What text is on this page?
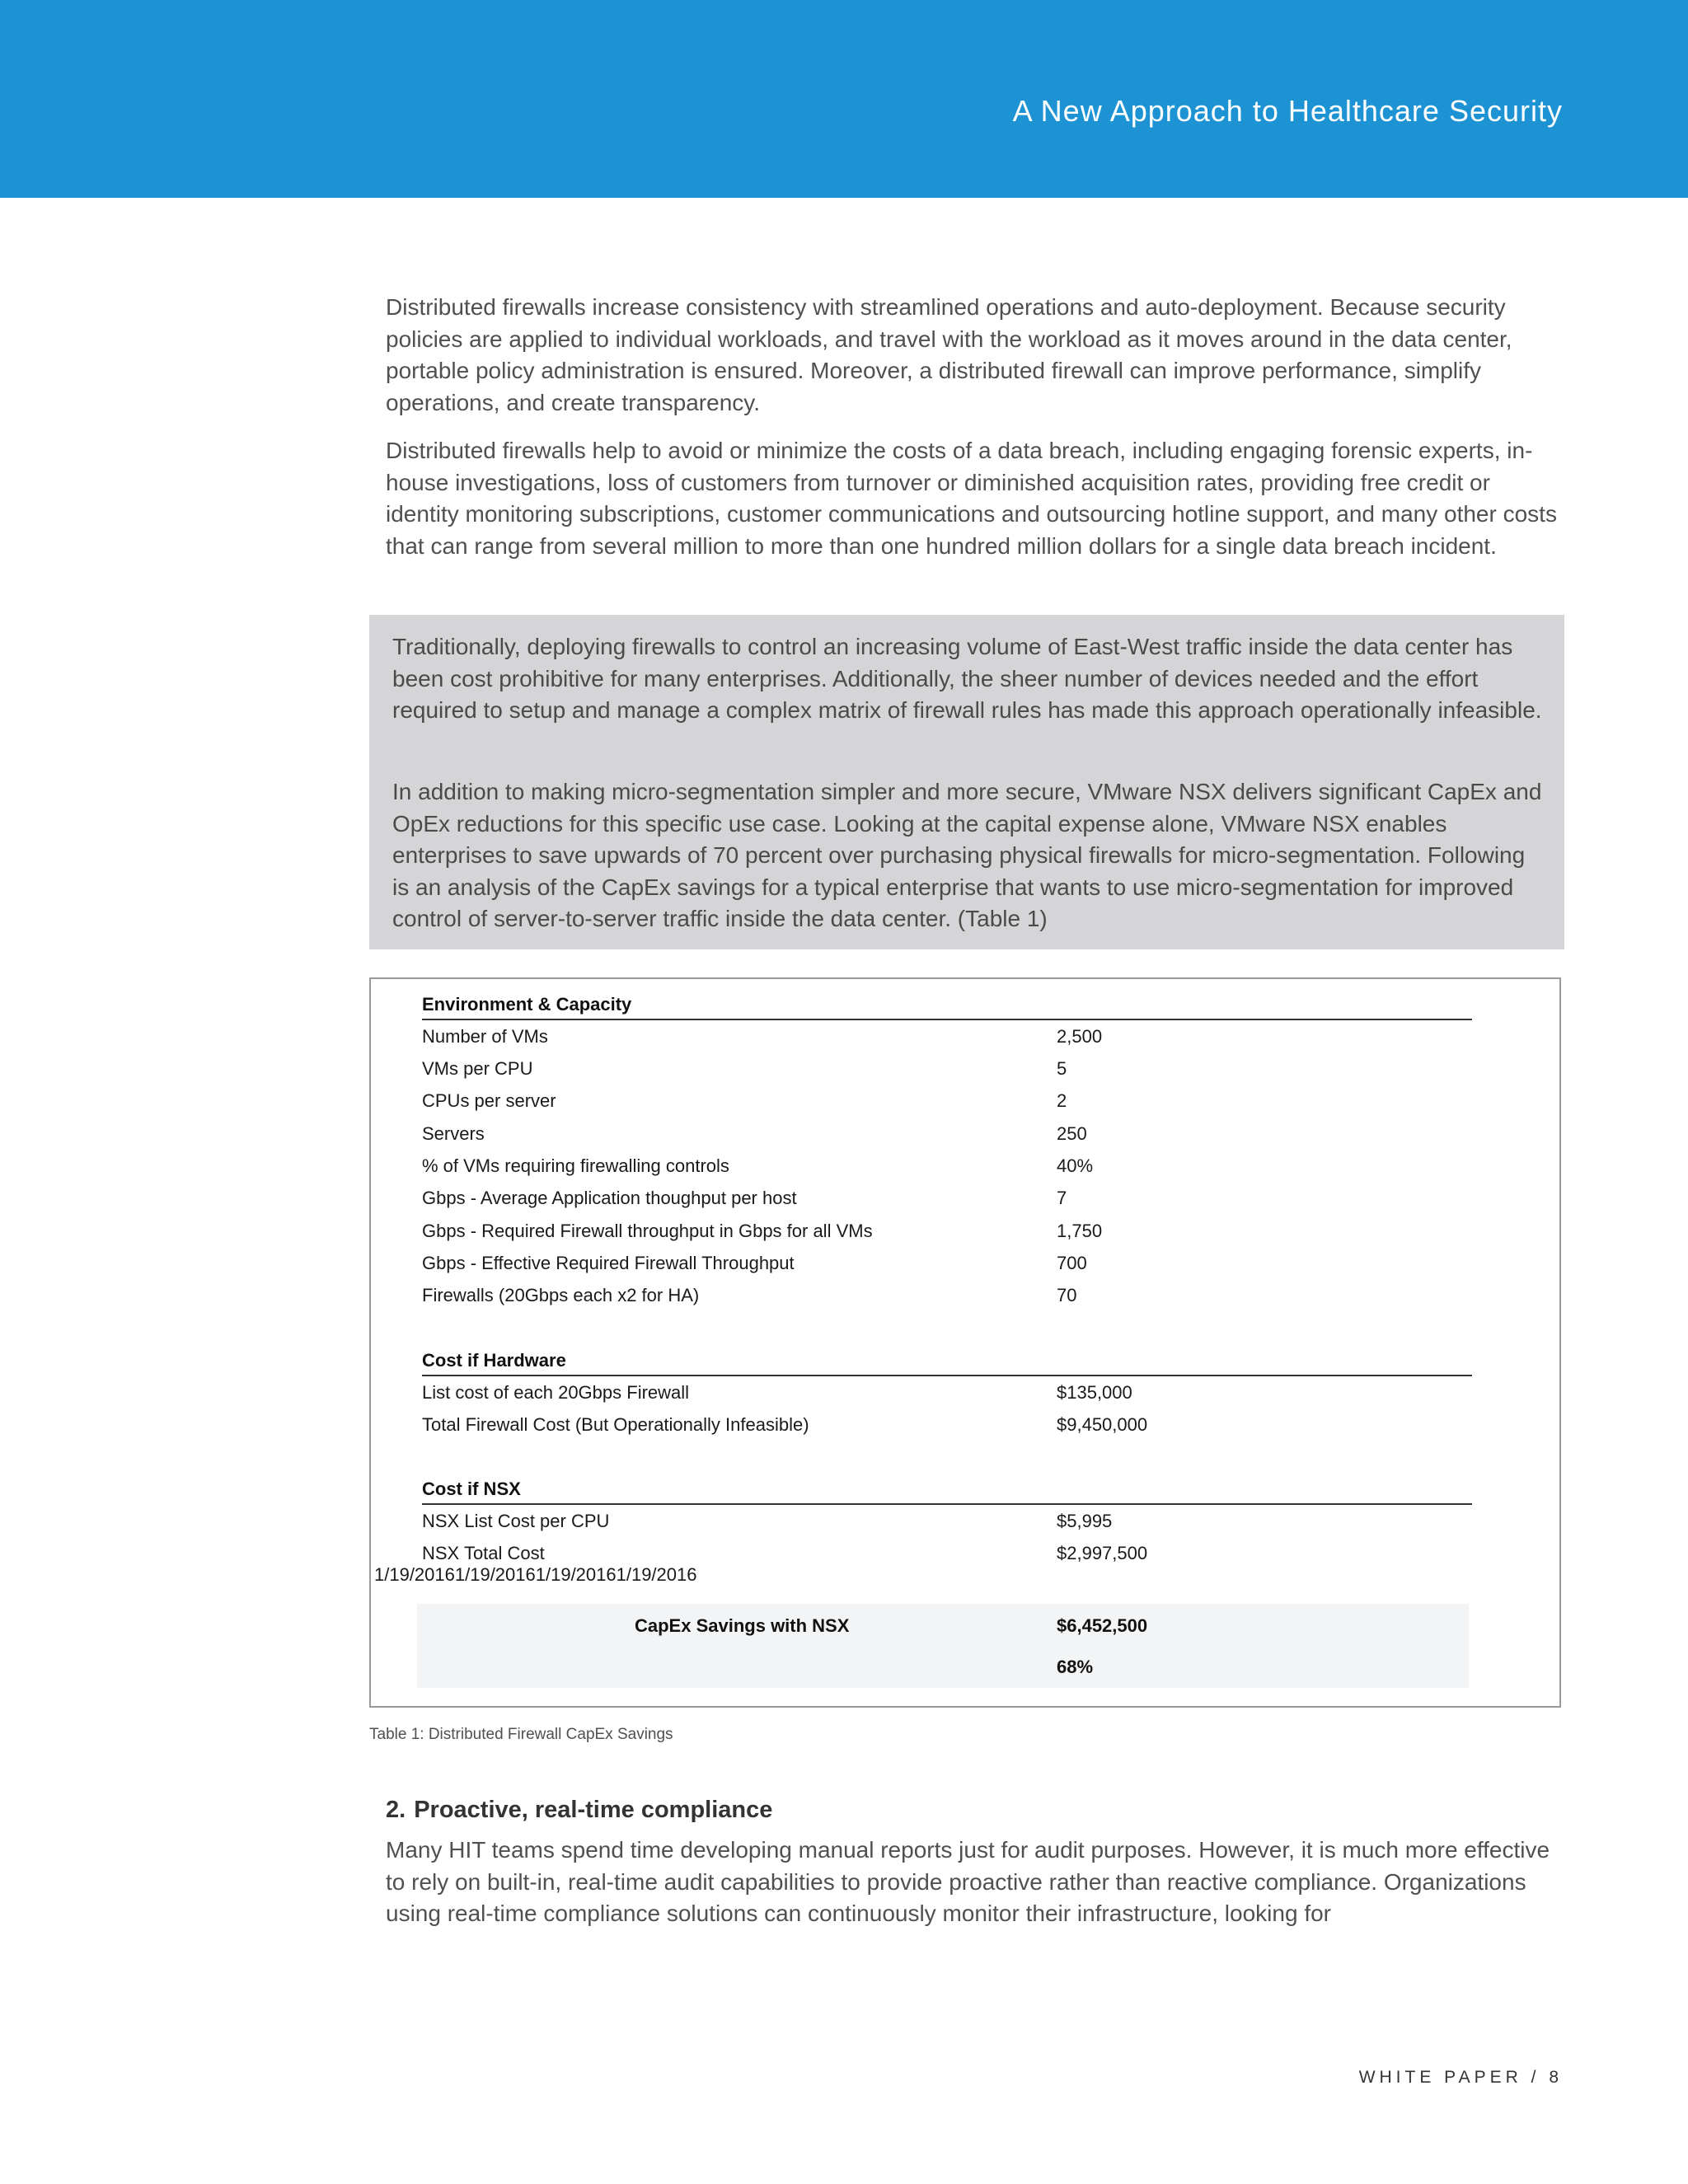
A New Approach to Healthcare Security

Distributed firewalls increase consistency with streamlined operations and auto-deployment. Because security policies are applied to individual workloads, and travel with the workload as it moves around in the data center, portable policy administration is ensured. Moreover, a distributed firewall can improve performance, simplify operations, and create transparency.

Distributed firewalls help to avoid or minimize the costs of a data breach, including engaging forensic experts, in-house investigations, loss of customers from turnover or diminished acquisition rates, providing free credit or identity monitoring subscriptions, customer communications and outsourcing hotline support, and many other costs that can range from several million to more than one hundred million dollars for a single data breach incident.

Traditionally, deploying firewalls to control an increasing volume of East-West traffic inside the data center has been cost prohibitive for many enterprises. Additionally, the sheer number of devices needed and the effort required to setup and manage a complex matrix of firewall rules has made this approach operationally infeasible.

In addition to making micro-segmentation simpler and more secure, VMware NSX delivers significant CapEx and OpEx reductions for this specific use case. Looking at the capital expense alone, VMware NSX enables enterprises to save upwards of 70 percent over purchasing physical firewalls for micro-segmentation. Following is an analysis of the CapEx savings for a typical enterprise that wants to use micro-segmentation for improved control of server-to-server traffic inside the data center. (Table 1)

Environment & Capacity
Number of VMs	2,500
VMs per CPU	5
CPUs per server	2
Servers	250
% of VMs requiring firewalling controls	40%
Gbps - Average Application thoughput per host	7
Gbps - Required Firewall throughput in Gbps for all VMs	1,750
Gbps - Effective Required Firewall Throughput	700
Firewalls (20Gbps each x2 for HA)	70
Cost if Hardware
List cost of each 20Gbps Firewall	$135,000
Total Firewall Cost (But Operationally Infeasible)	$9,450,000
Cost if NSX
NSX List Cost per CPU	$5,995
NSX Total Cost	$2,997,500
1/19/20161/19/20161/19/20161/19/2016
CapEx Savings with NSX	$6,452,500
68%
Table 1: Distributed Firewall CapEx Savings
2. Proactive, real-time compliance

Many HIT teams spend time developing manual reports just for audit purposes. However, it is much more effective to rely on built-in, real-time audit capabilities to provide proactive rather than reactive compliance. Organizations using real-time compliance solutions can continuously monitor their infrastructure, looking for

WHITE PAPER / 8
